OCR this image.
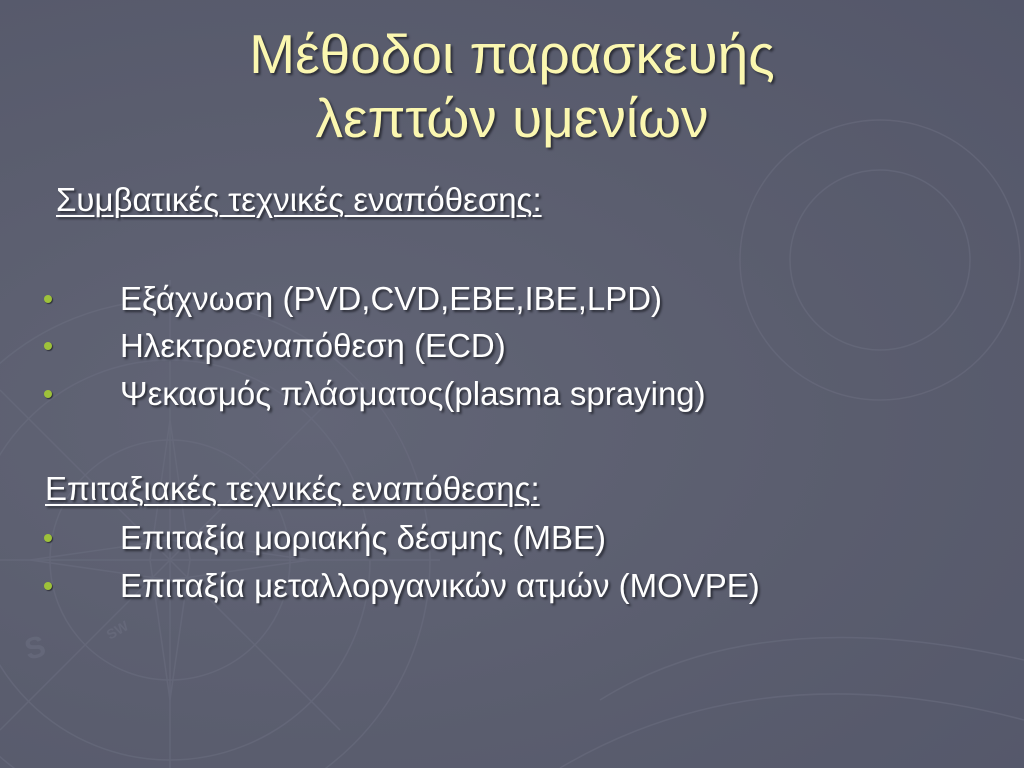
S	SW
Μέθοδοι παρασκευής
λεπτών υμενίων
Συμβατικές τεχνικές εναπόθεσης:
Εξάχνωση (PVD,CVD,EBE,IBE,LPD)
Ηλεκτροεναπόθεση (ECD)
Ψεκασμός πλάσματος(plasma spraying)
Επιταξιακές τεχνικές εναπόθεσης:
Επιταξία μοριακής δέσμης (MBE)
Επιταξία μεταλλοργανικών ατμών (MOVPE)
